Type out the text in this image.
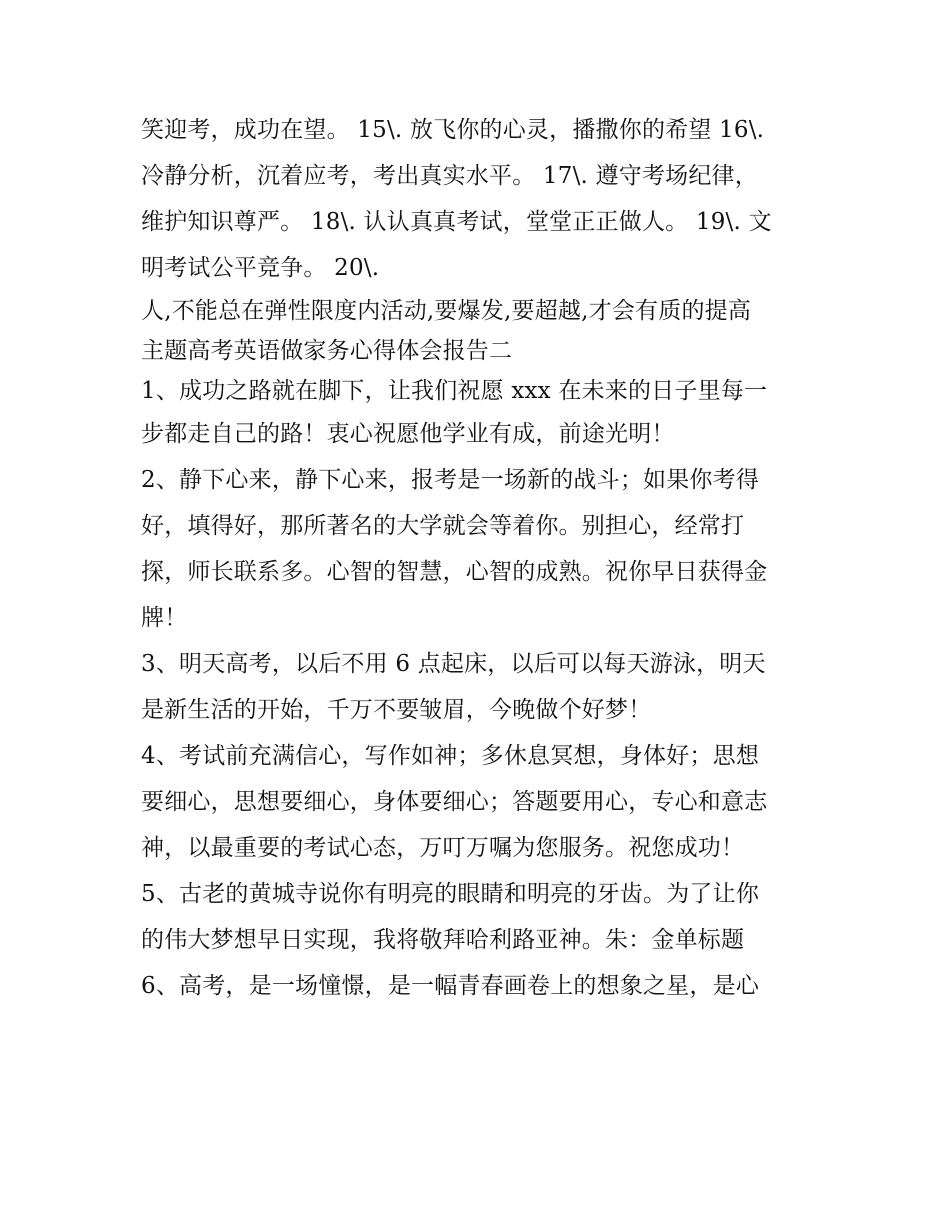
笑迎考，成功在望。 15\. 放飞你的心灵，播撒你的希望 16\.
冷静分析，沉着应考，考出真实水平。 17\. 遵守考场纪律，
维护知识尊严。 18\. 认认真真考试，堂堂正正做人。 19\. 文
明考试公平竞争。 20\.
人,不能总在弹性限度内活动,要爆发,要超越,才会有质的提高
主题高考英语做家务心得体会报告二
1、成功之路就在脚下，让我们祝愿 xxx 在未来的日子里每一
步都走自己的路！衷心祝愿他学业有成，前途光明！
2、静下心来，静下心来，报考是一场新的战斗；如果你考得
好，填得好，那所著名的大学就会等着你。别担心，经常打
探，师长联系多。心智的智慧，心智的成熟。祝你早日获得金
牌！
3、明天高考，以后不用 6 点起床，以后可以每天游泳，明天
是新生活的开始，千万不要皱眉，今晚做个好梦！
4、考试前充满信心，写作如神；多休息冥想，身体好；思想
要细心，思想要细心，身体要细心；答题要用心，专心和意志
神，以最重要的考试心态，万叮万嘱为您服务。祝您成功！
5、古老的黄城寺说你有明亮的眼睛和明亮的牙齿。为了让你
的伟大梦想早日实现，我将敬拜哈利路亚神。朱：金单标题
6、高考，是一场憧憬，是一幅青春画卷上的想象之星，是心
